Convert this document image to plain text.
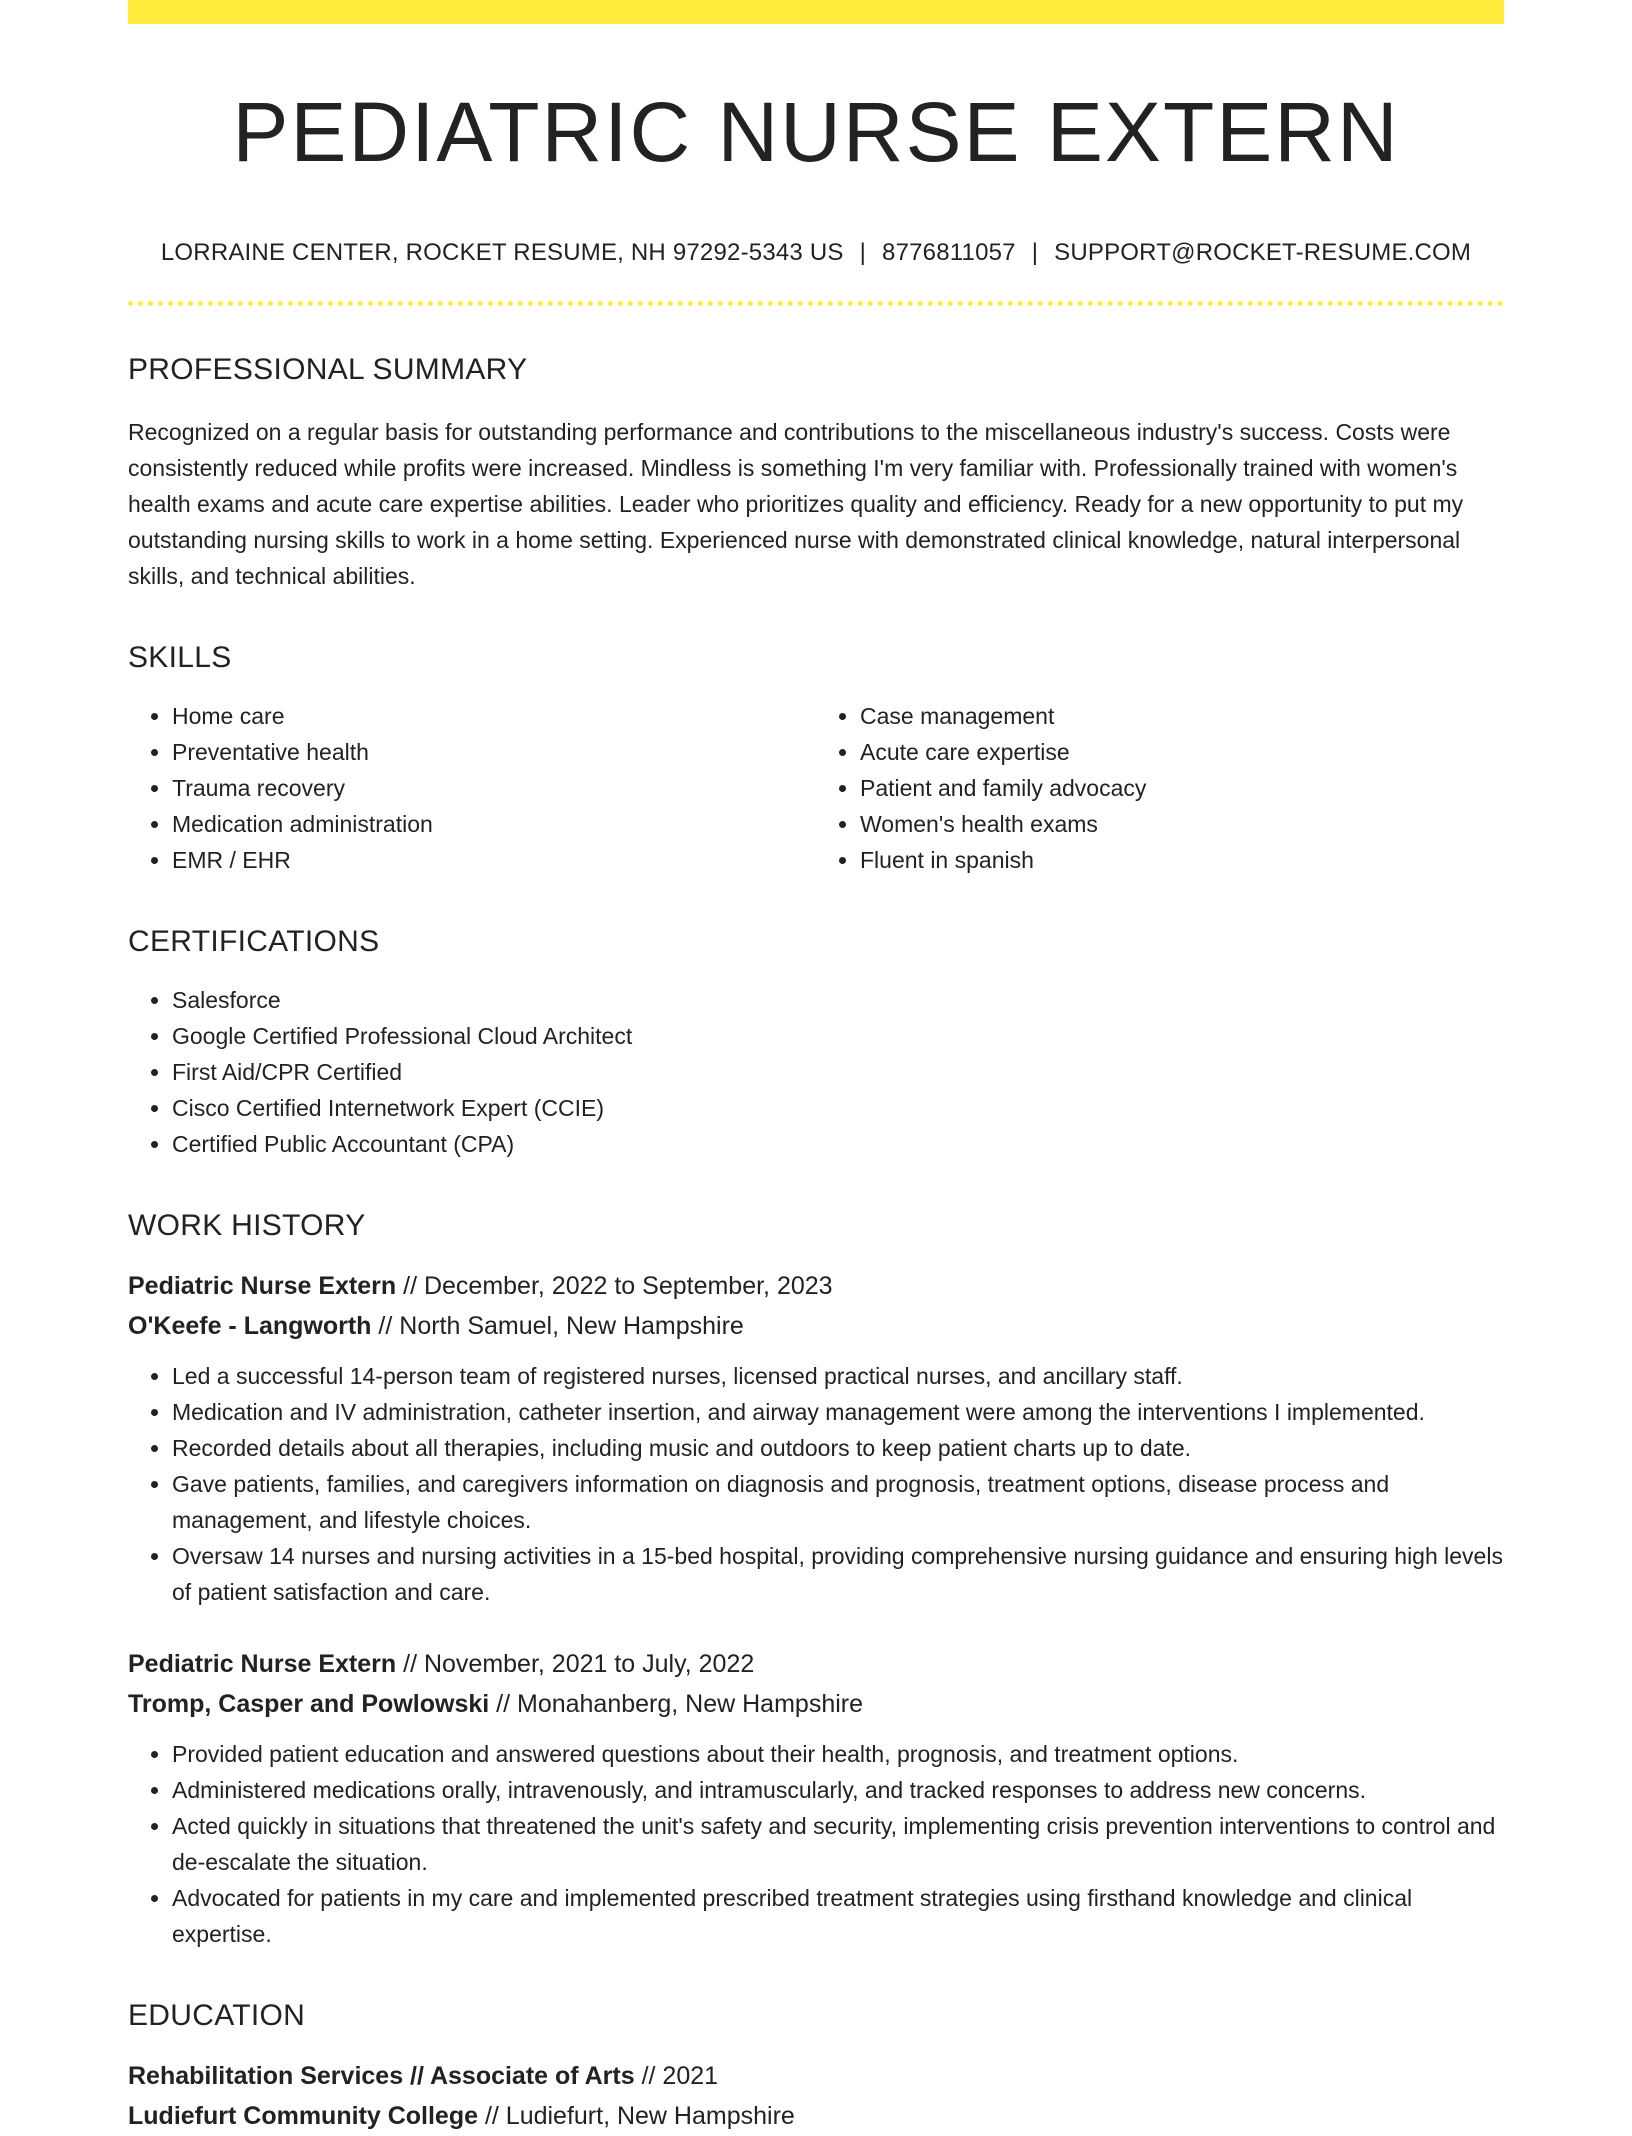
PEDIATRIC NURSE EXTERN
LORRAINE CENTER, ROCKET RESUME, NH 97292-5343 US | 8776811057 | SUPPORT@ROCKET-RESUME.COM
PROFESSIONAL SUMMARY
Recognized on a regular basis for outstanding performance and contributions to the miscellaneous industry's success. Costs were consistently reduced while profits were increased. Mindless is something I'm very familiar with. Professionally trained with women's health exams and acute care expertise abilities. Leader who prioritizes quality and efficiency. Ready for a new opportunity to put my outstanding nursing skills to work in a home setting. Experienced nurse with demonstrated clinical knowledge, natural interpersonal skills, and technical abilities.
SKILLS
• Home care
• Preventative health
• Trauma recovery
• Medication administration
• EMR / EHR
• Case management
• Acute care expertise
• Patient and family advocacy
• Women's health exams
• Fluent in spanish
CERTIFICATIONS
• Salesforce
• Google Certified Professional Cloud Architect
• First Aid/CPR Certified
• Cisco Certified Internetwork Expert (CCIE)
• Certified Public Accountant (CPA)
WORK HISTORY
Pediatric Nurse Extern // December, 2022 to September, 2023
O'Keefe - Langworth // North Samuel, New Hampshire
• Led a successful 14-person team of registered nurses, licensed practical nurses, and ancillary staff.
• Medication and IV administration, catheter insertion, and airway management were among the interventions I implemented.
• Recorded details about all therapies, including music and outdoors to keep patient charts up to date.
• Gave patients, families, and caregivers information on diagnosis and prognosis, treatment options, disease process and management, and lifestyle choices.
• Oversaw 14 nurses and nursing activities in a 15-bed hospital, providing comprehensive nursing guidance and ensuring high levels of patient satisfaction and care.
Pediatric Nurse Extern // November, 2021 to July, 2022
Tromp, Casper and Powlowski // Monahanberg, New Hampshire
• Provided patient education and answered questions about their health, prognosis, and treatment options.
• Administered medications orally, intravenously, and intramuscularly, and tracked responses to address new concerns.
• Acted quickly in situations that threatened the unit's safety and security, implementing crisis prevention interventions to control and de-escalate the situation.
• Advocated for patients in my care and implemented prescribed treatment strategies using firsthand knowledge and clinical expertise.
EDUCATION
Rehabilitation Services // Associate of Arts // 2021
Ludiefurt Community College // Ludiefurt, New Hampshire
